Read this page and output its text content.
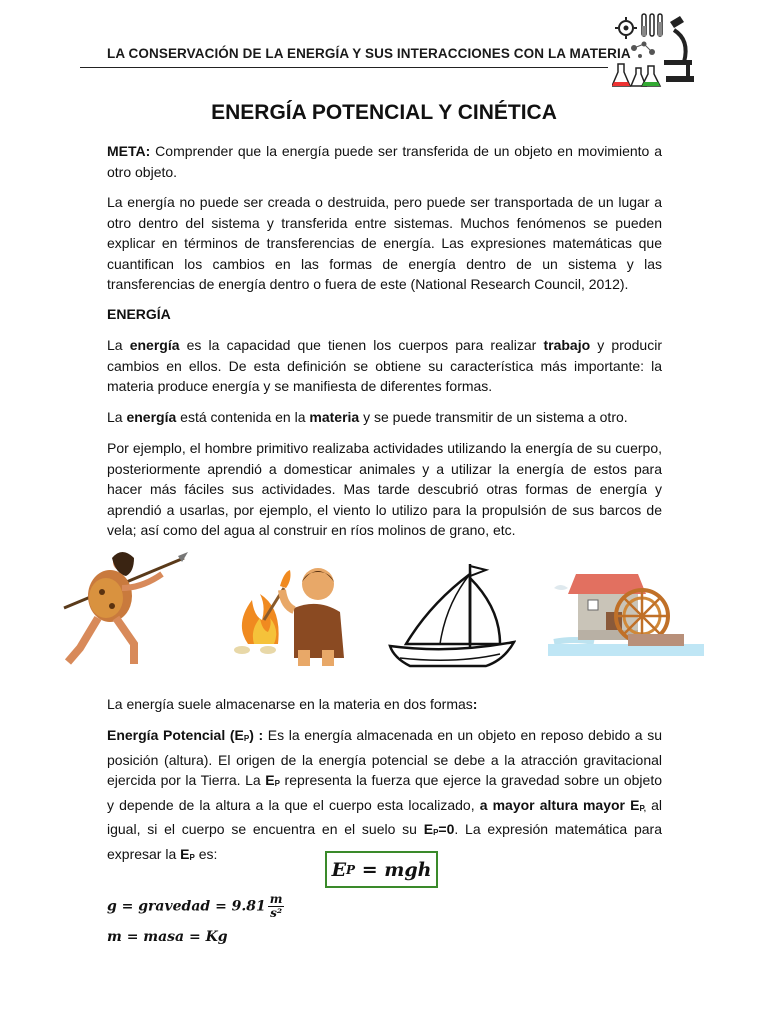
LA CONSERVACIÓN DE LA ENERGÍA Y SUS INTERACCIONES CON LA MATERIA
ENERGÍA POTENCIAL Y CINÉTICA
META: Comprender que la energía puede ser transferida de un objeto en movimiento a otro objeto.
La energía no puede ser creada o destruida, pero puede ser transportada de un lugar a otro dentro del sistema y transferida entre sistemas. Muchos fenómenos se pueden explicar en términos de transferencias de energía. Las expresiones matemáticas que cuantifican los cambios en las formas de energía dentro de un sistema y las transferencias de energía dentro o fuera de este (National Research Council, 2012).
ENERGÍA
La energía es la capacidad que tienen los cuerpos para realizar trabajo y producir cambios en ellos. De esta definición se obtiene su característica más importante: la materia produce energía y se manifiesta de diferentes formas.
La energía está contenida en la materia y se puede transmitir de un sistema a otro.
Por ejemplo, el hombre primitivo realizaba actividades utilizando la energía de su cuerpo, posteriormente aprendió a domesticar animales y a utilizar la energía de estos para hacer más fáciles sus actividades. Mas tarde descubrió otras formas de energía y aprendió a usarlas, por ejemplo, el viento lo utilizo para la propulsión de sus barcos de vela; así como del agua al construir en ríos molinos de grano, etc.
La energía suele almacenarse en la materia en dos formas:
Energía Potencial $(E_P)$ : Es la energía almacenada en un objeto en reposo debido a su posición (altura). El origen de la energía potencial se debe a la atracción gravitacional ejercida por la Tierra. La $E_P$ representa la fuerza que ejerce la gravedad sobre un objeto y depende de la altura a la que el cuerpo esta localizado, a mayor altura mayor $E_{P,}$ al igual, si el cuerpo se encuentra en el suelo su $E_P=0$. La expresión matemática para expresar la $E_P$ es:
E P = mgh
g = gravedad = $9.81 \frac{m}{\text{s²}}$
m = masa = Kg
